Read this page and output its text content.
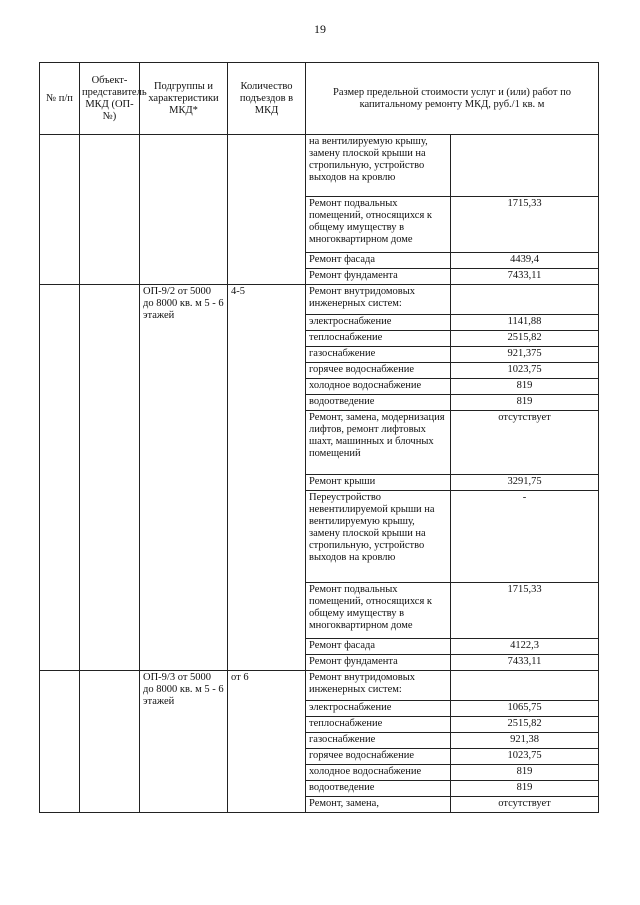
19
№ п/п	Объект-представитель МКД (ОП-№)	Подгруппы и характеристики МКД*	Количество подъездов в МКД	Размер предельной стоимости услуг и (или) работ по капитальному ремонту МКД, руб./1 кв. м	
				на вентилируемую крышу, замену плоской крыши на стропильную, устройство выходов на кровлю	
				Ремонт подвальных помещений, относящихся к общему имуществу в многоквартирном доме	1715,33
				Ремонт фасада	4439,4
				Ремонт фундамента	7433,11
		ОП-9/2 от 5000 до 8000 кв. м 5 - 6 этажей	4-5	Ремонт внутридомовых инженерных систем:	
				электроснабжение	1141,88
				теплоснабжение	2515,82
				газоснабжение	921,375
				горячее водоснабжение	1023,75
				холодное водоснабжение	819
				водоотведение	819
				Ремонт, замена, модернизация лифтов, ремонт лифтовых шахт, машинных и блочных помещений	отсутствует
				Ремонт крыши	3291,75
				Переустройство невентилируемой крыши на вентилируемую крышу, замену плоской крыши на стропильную, устройство выходов на кровлю	-
				Ремонт подвальных помещений, относящихся к общему имуществу в многоквартирном доме	1715,33
				Ремонт фасада	4122,3
				Ремонт фундамента	7433,11
		ОП-9/3 от 5000 до 8000 кв. м 5 - 6 этажей	от 6	Ремонт внутридомовых инженерных систем:	
				электроснабжение	1065,75
				теплоснабжение	2515,82
				газоснабжение	921,38
				горячее водоснабжение	1023,75
				холодное водоснабжение	819
				водоотведение	819
				Ремонт, замена,	отсутствует
